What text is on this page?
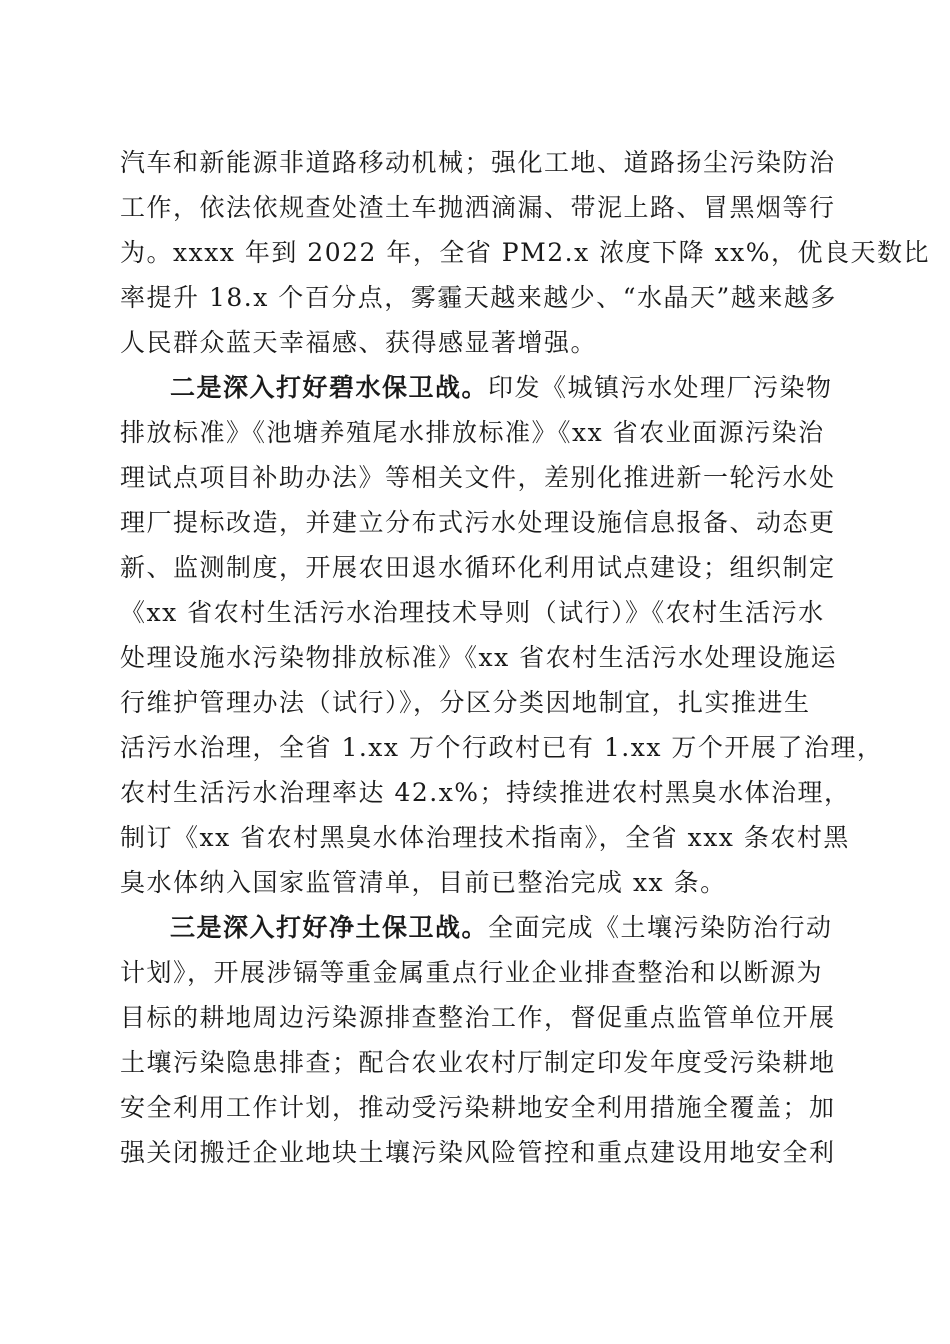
汽车和新能源非道路移动机械；强化工地、道路扬尘污染防治
工作，依法依规查处渣土车抛洒滴漏、带泥上路、冒黑烟等行
为。xxxx 年到 2022 年，全省 PM2.x 浓度下降 xx%，优良天数比
率提升 18.x 个百分点，雾霾天越来越少、“水晶天”越来越多
人民群众蓝天幸福感、获得感显著增强。
二是深入打好碧水保卫战。印发《城镇污水处理厂污染物
排放标准》《池塘养殖尾水排放标准》《xx 省农业面源污染治
理试点项目补助办法》等相关文件，差别化推进新一轮污水处
理厂提标改造，并建立分布式污水处理设施信息报备、动态更
新、监测制度，开展农田退水循环化利用试点建设；组织制定
《xx 省农村生活污水治理技术导则（试行）》《农村生活污水
处理设施水污染物排放标准》《xx 省农村生活污水处理设施运
行维护管理办法（试行）》，分区分类因地制宜，扎实推进生
活污水治理，全省 1.xx 万个行政村已有 1.xx 万个开展了治理，
农村生活污水治理率达 42.x%；持续推进农村黑臭水体治理，
制订《xx 省农村黑臭水体治理技术指南》，全省 xxx 条农村黑
臭水体纳入国家监管清单，目前已整治完成 xx 条。
三是深入打好净土保卫战。全面完成《土壤污染防治行动
计划》，开展涉镉等重金属重点行业企业排查整治和以断源为
目标的耕地周边污染源排查整治工作，督促重点监管单位开展
土壤污染隐患排查；配合农业农村厅制定印发年度受污染耕地
安全利用工作计划，推动受污染耕地安全利用措施全覆盖；加
强关闭搬迁企业地块土壤污染风险管控和重点建设用地安全利
